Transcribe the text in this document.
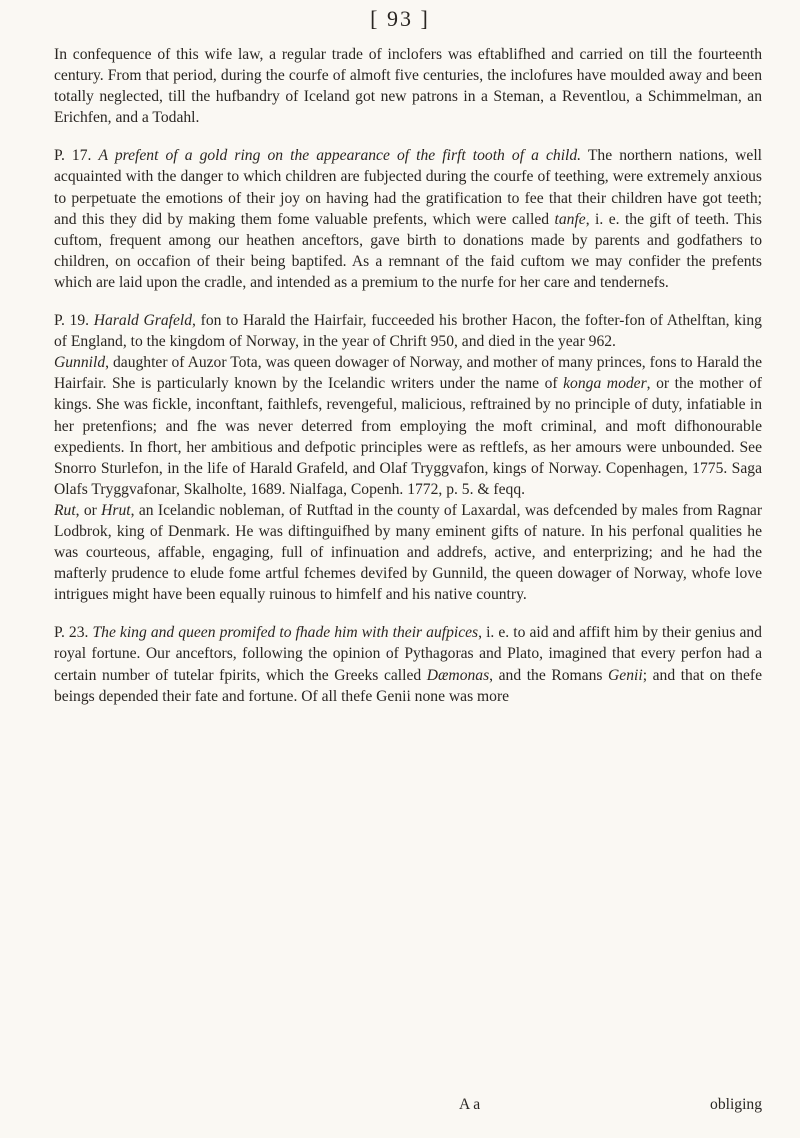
[ 93 ]

In confequence of this wife law, a regular trade of inclofers was eftablifhed and carried on till the fourteenth century. From that period, during the courfe of almoft five centuries, the inclofures have moulded away and been totally neglected, till the hufbandry of Iceland got new patrons in a Steman, a Reventlou, a Schimmelman, an Erichfen, and a Todahl.

P. 17. A prefent of a gold ring on the appearance of the firft tooth of a child. The northern nations, well acquainted with the danger to which children are fubjected during the courfe of teething, were extremely anxious to perpetuate the emotions of their joy on having had the gratification to fee that their children have got teeth; and this they did by making them fome valuable prefents, which were called tanfe, i. e. the gift of teeth. This cuftom, frequent among our heathen anceftors, gave birth to donations made by parents and godfathers to children, on occafion of their being baptifed. As a remnant of the faid cuftom we may confider the prefents which are laid upon the cradle, and intended as a premium to the nurfe for her care and tendernefs.

P. 19. Harald Grafeld, fon to Harald the Hairfair, fucceeded his brother Hacon, the fofter-fon of Athelftan, king of England, to the kingdom of Norway, in the year of Chrift 950, and died in the year 962.

Gunnild, daughter of Auzor Tota, was queen dowager of Norway, and mother of many princes, fons to Harald the Hairfair. She is particularly known by the Icelandic writers under the name of konga moder, or the mother of kings. She was fickle, inconftant, faithlefs, revengeful, malicious, reftrained by no principle of duty, infatiable in her pretenfions; and fhe was never deterred from employing the moft criminal, and moft difhonourable expedients. In fhort, her ambitious and defpotic principles were as reftlefs, as her amours were unbounded. See Snorro Sturlefon, in the life of Harald Grafeld, and Olaf Tryggvafon, kings of Norway. Copenhagen, 1775. Saga Olafs Tryggvafonar, Skalholte, 1689. Nialfaga, Copenh. 1772, p. 5. & feqq.

Rut, or Hrut, an Icelandic nobleman, of Rutftad in the county of Laxardal, was defcended by males from Ragnar Lodbrok, king of Denmark. He was diftinguifhed by many eminent gifts of nature. In his perfonal qualities he was courteous, affable, engaging, full of infinuation and addrefs, active, and enterprizing; and he had the mafterly prudence to elude fome artful fchemes devifed by Gunnild, the queen dowager of Norway, whofe love intrigues might have been equally ruinous to himfelf and his native country.

P. 23. The king and queen promifed to fhade him with their aufpices, i. e. to aid and affift him by their genius and royal fortune. Our anceftors, following the opinion of Pythagoras and Plato, imagined that every perfon had a certain number of tutelar fpirits, which the Greeks called Dæmonas, and the Romans Genii; and that on thefe beings depended their fate and fortune. Of all thefe Genii none was more

A a	obliging
